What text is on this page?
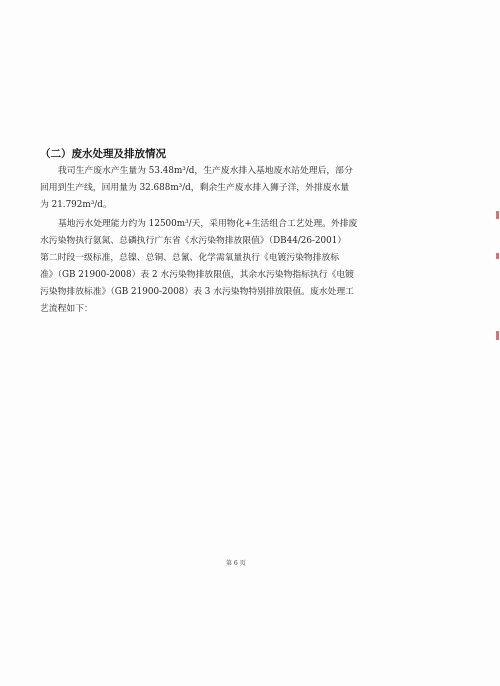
（二）废水处理及排放情况
我司生产废水产生量为 53.48m³/d，生产废水排入基地废水站处理后，部分
回用到生产线，回用量为 32.688m³/d，剩余生产废水排入狮子洋，外排废水量
为 21.792m³/d。
基地污水处理能力约为 12500m³/天，采用物化+生活组合工艺处理。外排废
水污染物执行氨氮、总磷执行广东省《水污染物排放限值》（DB44/26-2001）
第二时段一级标准，总镍、总铜、总氰、化学需氧量执行《电镀污染物排放标
准》（GB 21900-2008）表 2 水污染物排放限值，其余水污染物指标执行《电镀
污染物排放标准》（GB 21900-2008）表 3 水污染物特别排放限值。废水处理工
艺流程如下：
第 6 页
